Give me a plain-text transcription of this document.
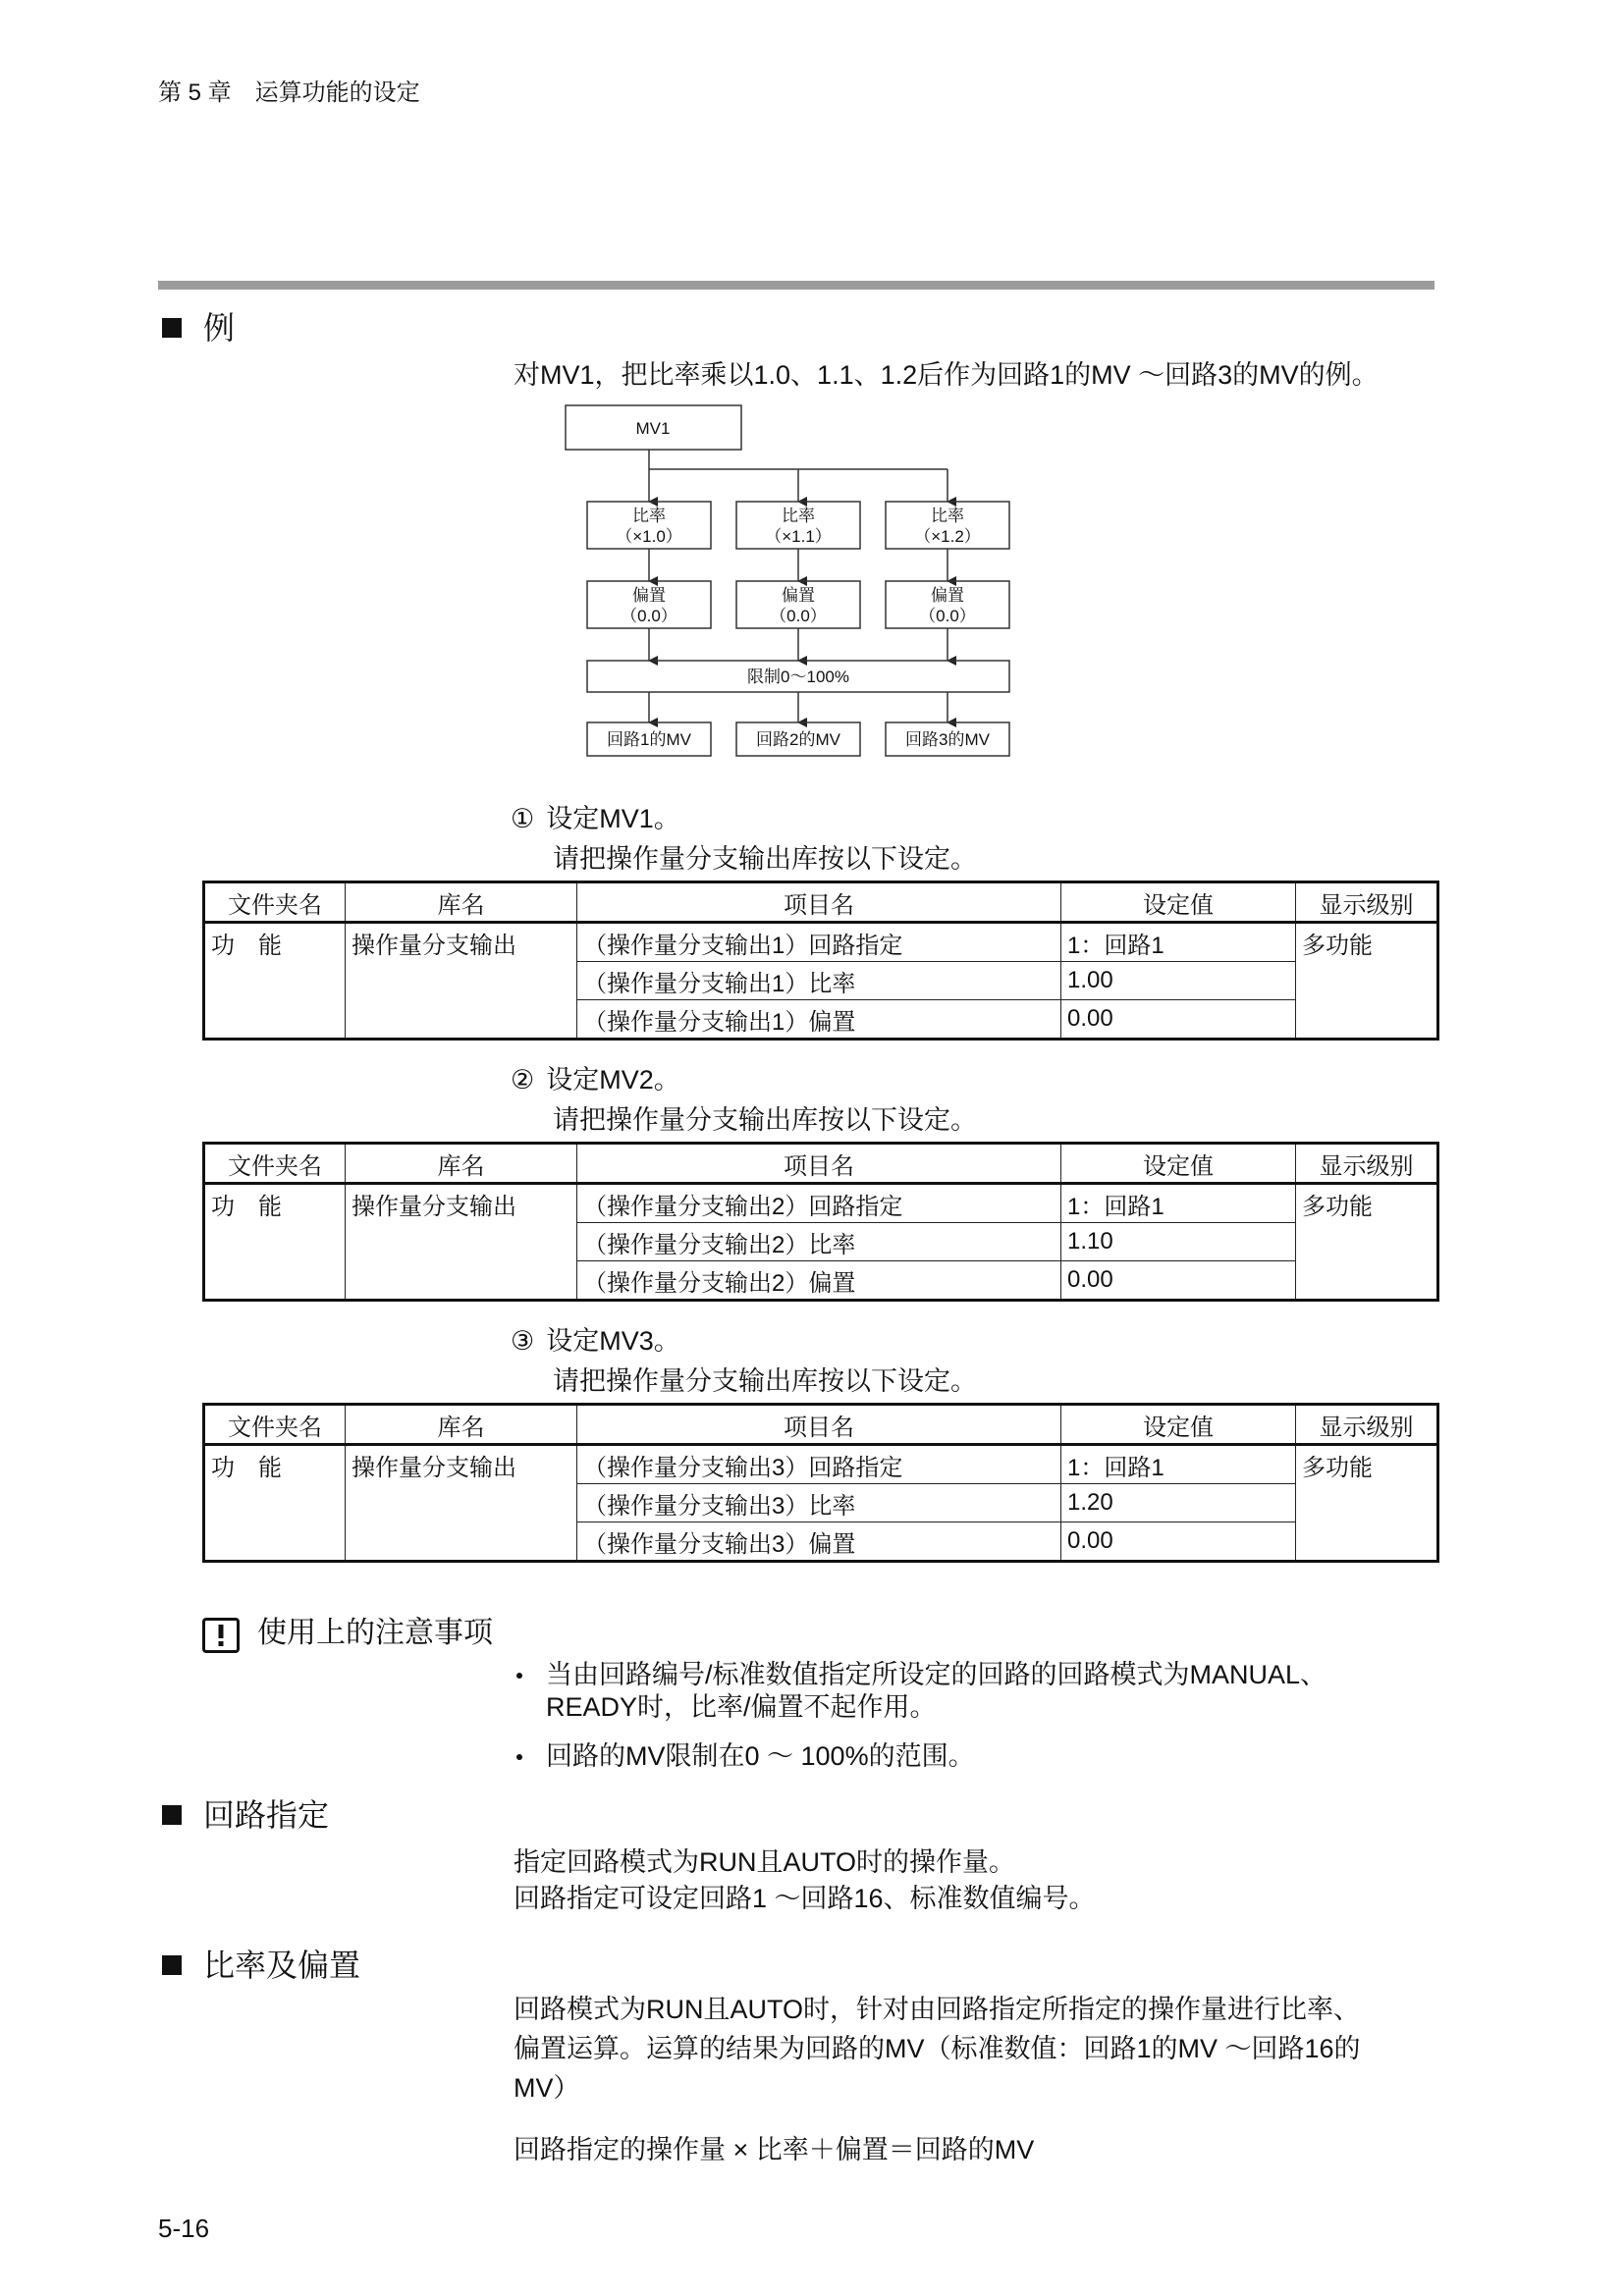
第 5 章　运算功能的设定
例
对MV1，把比率乘以1.0、1.1、1.2后作为回路1的MV ～回路3的MV的例。
MV1
比率
（×1.0）
比率
（×1.1）
比率
（×1.2）
偏置
（0.0）
偏置
（0.0）
偏置
（0.0）
限制0～100%
回路1的MV	回路2的MV	回路3的MV
① 设定MV1。
请把操作量分支输出库按以下设定。
文件夹名	库名	项目名	设定值	显示级别
功　能	操作量分支输出	（操作量分支输出1）回路指定	1：回路1	多功能
		（操作量分支输出1）比率	1.00	
		（操作量分支输出1）偏置	0.00	
② 设定MV2。
请把操作量分支输出库按以下设定。
文件夹名	库名	项目名	设定值	显示级别
功　能	操作量分支输出	（操作量分支输出2）回路指定	1：回路1	多功能
		（操作量分支输出2）比率	1.10	
		（操作量分支输出2）偏置	0.00	
③ 设定MV3。
请把操作量分支输出库按以下设定。
文件夹名	库名	项目名	设定值	显示级别
功　能	操作量分支输出	（操作量分支输出3）回路指定	1：回路1	多功能
		（操作量分支输出3）比率	1.20	
		（操作量分支输出3）偏置	0.00	
使用上的注意事项
当由回路编号/标准数值指定所设定的回路的回路模式为MANUAL、
READY时，比率/偏置不起作用。
回路的MV限制在0 ～ 100%的范围。
回路指定
指定回路模式为RUN且AUTO时的操作量。
回路指定可设定回路1 ～回路16、标准数值编号。
比率及偏置
回路模式为RUN且AUTO时，针对由回路指定所指定的操作量进行比率、
偏置运算。运算的结果为回路的MV（标准数值：回路1的MV ～回路16的
MV）
回路指定的操作量 × 比率＋偏置＝回路的MV
5-16
